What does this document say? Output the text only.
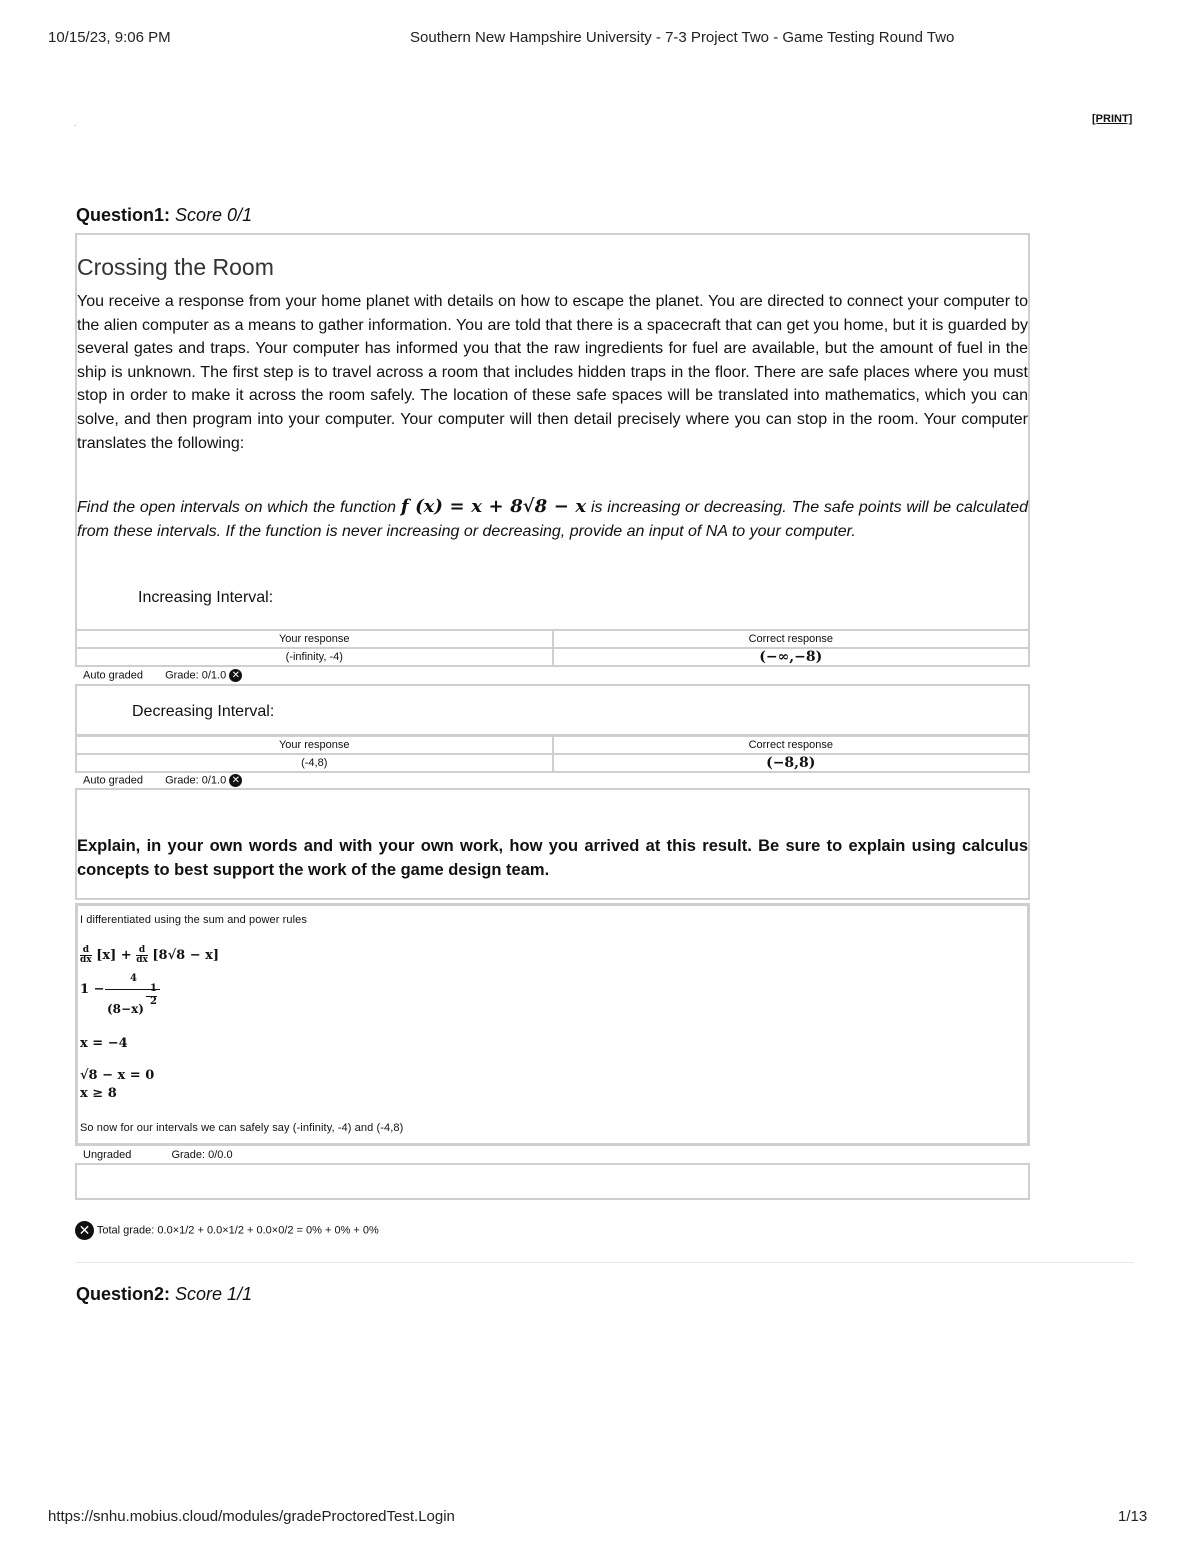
10/15/23, 9:06 PM	Southern New Hampshire University - 7-3 Project Two - Game Testing Round Two
.	[PRINT]
Question1: Score 0/1
Crossing the Room
You receive a response from your home planet with details on how to escape the planet. You are directed to connect your computer to the alien computer as a means to gather information. You are told that there is a spacecraft that can get you home, but it is guarded by several gates and traps. Your computer has informed you that the raw ingredients for fuel are available, but the amount of fuel in the ship is unknown. The first step is to travel across a room that includes hidden traps in the floor. There are safe places where you must stop in order to make it across the room safely. The location of these safe spaces will be translated into mathematics, which you can solve, and then program into your computer. Your computer will then detail precisely where you can stop in the room. Your computer translates the following:
Find the open intervals on which the function f (x) = x + 8√8 − x is increasing or decreasing. The safe points will be calculated from these intervals. If the function is never increasing or decreasing, provide an input of NA to your computer.
Increasing Interval:
Your response	Correct response
(-infinity, -4)	(−∞,−8)
Auto graded Grade: 0/1.0 ✕
Decreasing Interval:
Your response	Correct response
(-4,8)	(−8,8)
Auto graded Grade: 0/1.0 ✕
Explain, in your own words and with your own work, how you arrived at this result. Be sure to explain using calculus concepts to best support the work of the game design team.
I differentiated using the sum and power rules
$\frac{d}{dx} [x] + \frac{d}{dx} [8√8 - x]$
1 −
4
(8−x)
1
2
x = −4
√8 − x = 0
x ≥ 8
So now for our intervals we can safely say (-infinity, -4) and (-4,8)
Ungraded	Grade: 0/0.0
✕ Total grade: 0.0×1/2 + 0.0×1/2 + 0.0×0/2 = 0% + 0% + 0%
Question2: Score 1/1
https://snhu.mobius.cloud/modules/gradeProctoredTest.Login	1/13
